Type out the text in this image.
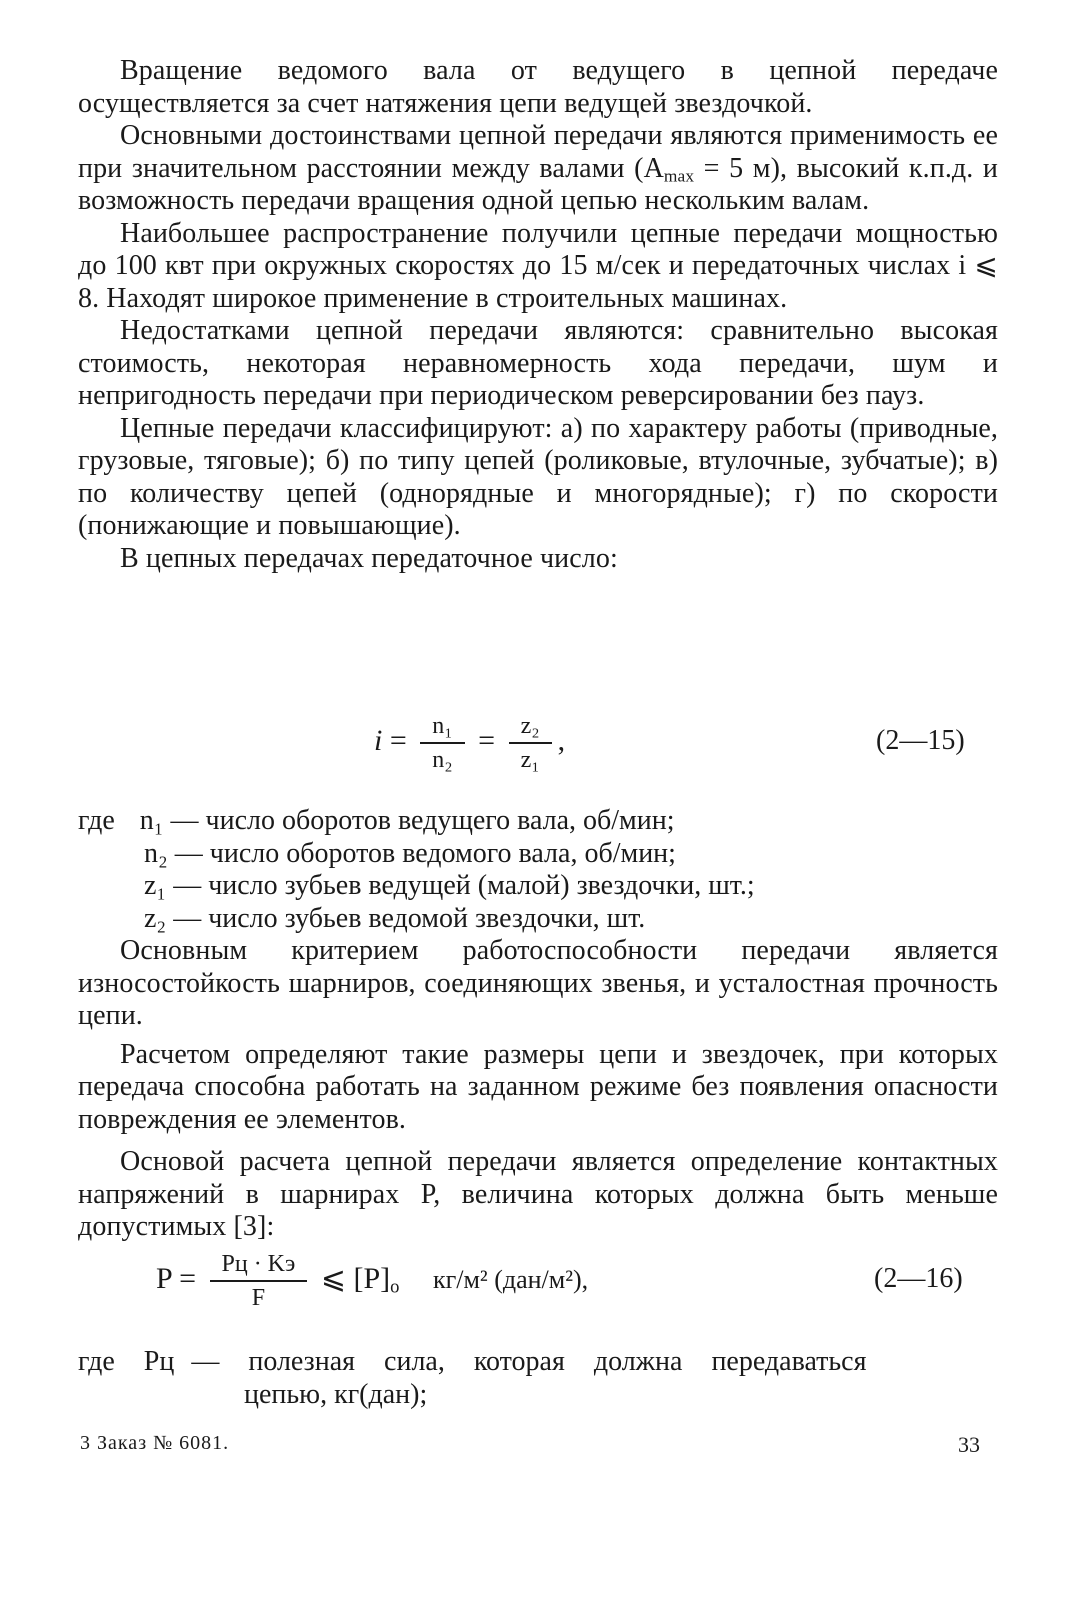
Вращение ведомого вала от ведущего в цепной передаче осуществляется за счет натяжения цепи ведущей звездочкой.

Основными достоинствами цепной передачи являются применимость ее при значительном расстоянии между валами ($A_{max} = 5$ м), высокий к.п.д. и возможность передачи вращения одной цепью нескольким валам.

Наибольшее распространение получили цепные передачи мощностью до 100 квт при окружных скоростях до 15 м/сек и передаточных числах i ⩽ 8. Находят широкое применение в строительных машинах.

Недостатками цепной передачи являются: сравнительно высокая стоимость, некоторая неравномерность хода передачи, шум и непригодность передачи при периодическом реверсировании без пауз.

Цепные передачи классифицируют: а) по характеру работы (приводные, грузовые, тяговые); б) по типу цепей (роликовые, втулочные, зубчатые); в) по количеству цепей (однорядные и многорядные); г) по скорости (понижающие и повышающие).

В цепных передачах передаточное число:

$i = \frac{\text{n₁}}{\text{n₂}} = \frac{\text{z₂}}{\text{z₁}}$ ,	(2—15)
где n₁ — число оборотов ведущего вала, об/мин;
n₂ — число оборотов ведомого вала, об/мин;
z₁ — число зубьев ведущей (малой) звездочки, шт.;
z₂ — число зубьев ведомой звездочки, шт.

Основным критерием работоспособности передачи является износостойкость шарниров, соединяющих звенья, и усталостная прочность цепи.

Расчетом определяют такие размеры цепи и звездочек, при которых передача способна работать на заданном режиме без появления опасности повреждения ее элементов.

Основой расчета цепной передачи является определение контактных напряжений в шарнирах P, величина которых должна быть меньше допустимых [3]:

$P = \frac{Pц \cdot Kэ}{F}$ ⩽ $[P]_o$ кг/м² (дан/м²),	(2—16)
где Pц — полезная сила, которая должна передаваться
цепью, кг(дан);
3 Заказ № 6081.	33
